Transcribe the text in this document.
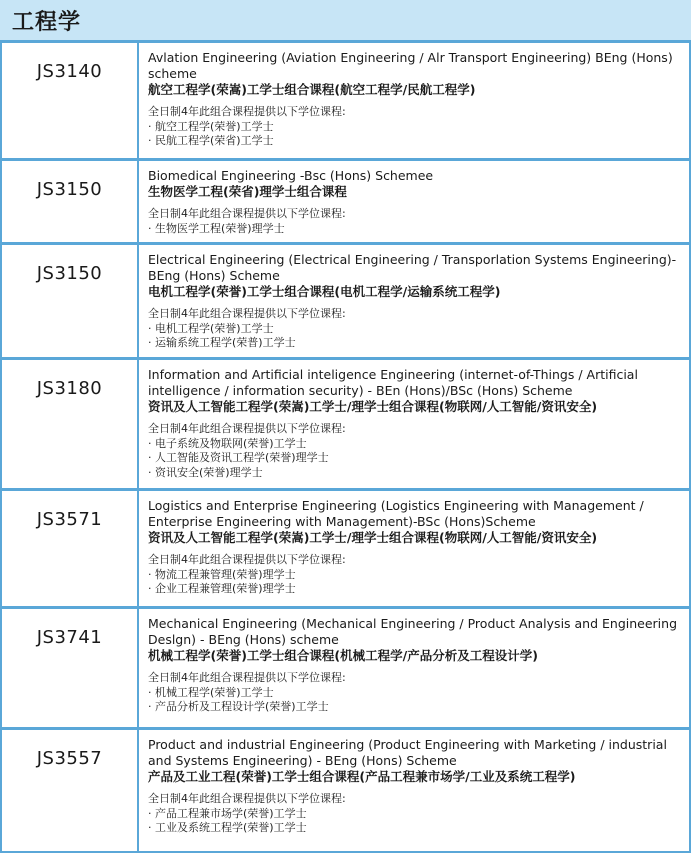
工程学
JS3140
Avlation Engineering (Aviation Engineering / Alr Transport Engineering) BEng (Hons) scheme
航空工程学(荣嵩)工学士组合课程(航空工程学/民航工程学)
全日制4年此组合课程提供以下学位课程:
· 航空工程学(荣誉)工学士
· 民航工程学(荣省)工学士
JS3150
Biomedical Engineering -Bsc (Hons) Schemee
生物医学工程(荣省)理学士组合课程
全日制4年此组合课程提供以下学位课程:
· 生物医学工程(荣誉)理学士
JS3150
Electrical Engineering (Electrical Engineering / Transporlation Systems Engineering)- BEng (Hons) Scheme
电机工程学(荣誉)工学士组合课程(电机工程学/运输系统工程学)
全日制4年此组合课程提供以下学位课程:
· 电机工程学(荣誉)工学士
· 运输系统工程学(荣普)工学士
JS3180
Information and Artificial inteligence Engineering (internet-of-Things / Artificial intelligence / information security) - BEn (Hons)/BSc (Hons) Scheme
资讯及人工智能工程学(荣嵩)工学士/理学士组合课程(物联网/人工智能/资讯安全)
全日制4年此组合课程提供以下学位课程:
· 电子系统及物联网(荣誉)工学士
· 人工智能及资讯工程学(荣誉)理学士
· 资讯安全(荣誉)理学士
JS3571
Logistics and Enterprise Engineering (Logistics Engineering with Management / Enterprise Engineering with Management)-BSc (Hons)Scheme
资讯及人工智能工程学(荣嵩)工学士/理学士组合课程(物联网/人工智能/资讯安全)
全日制4年此组合课程提供以下学位课程:
· 物流工程兼管理(荣誉)理学士
· 企业工程兼管理(荣誉)理学士
JS3741
Mechanical Engineering (Mechanical Engineering / Product Analysis and Engineering Deslgn) - BEng (Hons) scheme
机械工程学(荣誉)工学士组合课程(机械工程学/产品分析及工程设计学)
全日制4年此组合课程提供以下学位课程:
· 机械工程学(荣誉)工学士
· 产品分析及工程设计学(荣誉)工学士
JS3557
Product and industrial Engineering (Product Engineering with Marketing / industrial and Systems Engineering) - BEng (Hons) Scheme
产品及工业工程(荣誉)工学士组合课程(产品工程兼市场学/工业及系统工程学)
全日制4年此组合课程提供以下学位课程:
· 产品工程兼市场学(荣誉)工学士
· 工业及系统工程学(荣誉)工学士
